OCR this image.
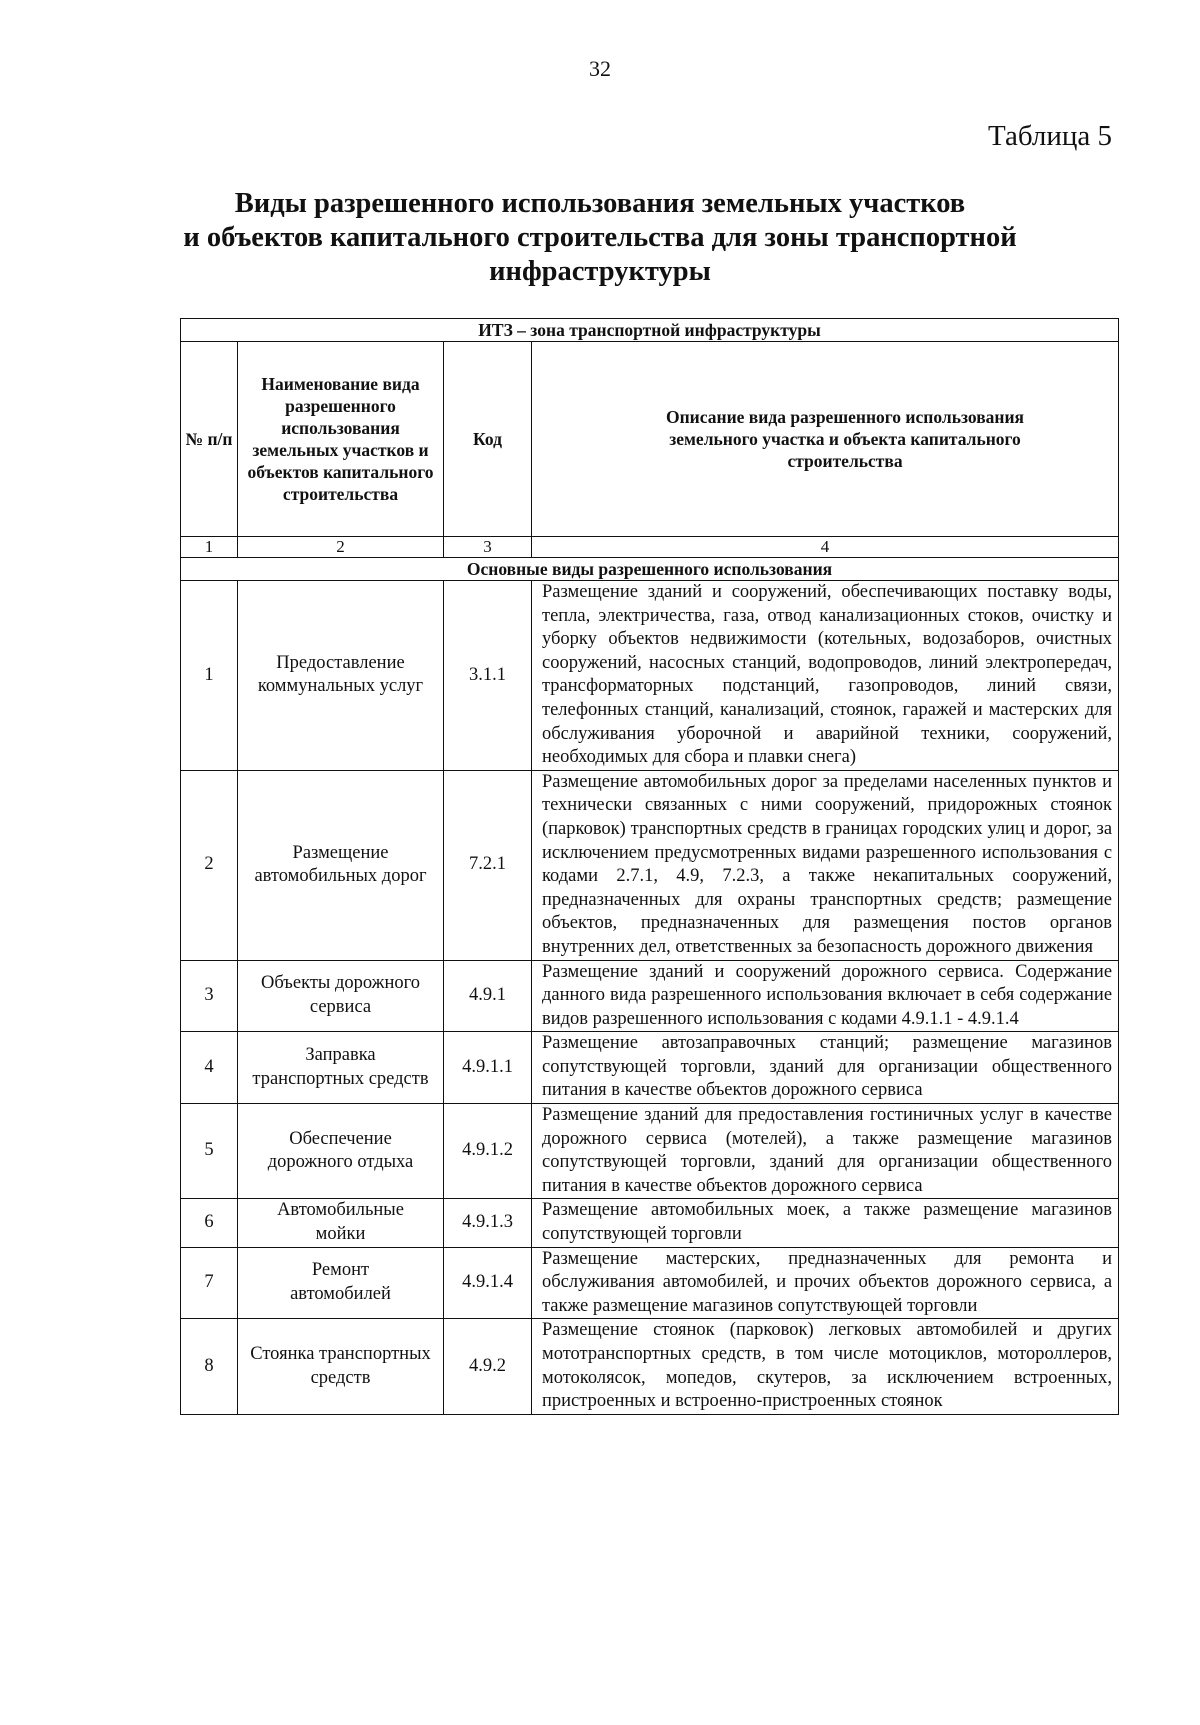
32
Таблица 5
Виды разрешенного использования земельных участков
и объектов капитального строительства для зоны транспортной
инфраструктуры
ИТЗ – зона транспортной инфраструктуры			
№ п/п	Наименование вида разрешенного использования земельных участков и объектов капитального строительства	Код	Описание вида разрешенного использования земельного участка и объекта капитального строительства
1	2	3	4
Основные виды разрешенного использования			
1	Предоставление коммунальных услуг	3.1.1	Размещение зданий и сооружений, обеспечивающих поставку воды, тепла, электричества, газа, отвод канализационных стоков, очистку и уборку объектов недвижимости (котельных, водозаборов, очистных сооружений, насосных станций, водопроводов, линий электропередач, трансформаторных подстанций, газопроводов, линий связи, телефонных станций, канализаций, стоянок, гаражей и мастерских для обслуживания уборочной и аварийной техники, сооружений, необходимых для сбора и плавки снега)
2	Размещение автомобильных дорог	7.2.1	Размещение автомобильных дорог за пределами населенных пунктов и технически связанных с ними сооружений, придорожных стоянок (парковок) транспортных средств в границах городских улиц и дорог, за исключением предусмотренных видами разрешенного использования с кодами 2.7.1, 4.9, 7.2.3, а также некапитальных сооружений, предназначенных для охраны транспортных средств; размещение объектов, предназначенных для размещения постов органов внутренних дел, ответственных за безопасность дорожного движения
3	Объекты дорожного сервиса	4.9.1	Размещение зданий и сооружений дорожного сервиса. Содержание данного вида разрешенного использования включает в себя содержание видов разрешенного использования с кодами 4.9.1.1 - 4.9.1.4
4	Заправка транспортных средств	4.9.1.1	Размещение автозаправочных станций; размещение магазинов сопутствующей торговли, зданий для организации общественного питания в качестве объектов дорожного сервиса
5	Обеспечение дорожного отдыха	4.9.1.2	Размещение зданий для предоставления гостиничных услуг в качестве дорожного сервиса (мотелей), а также размещение магазинов сопутствующей торговли, зданий для организации общественного питания в качестве объектов дорожного сервиса
6	Автомобильные мойки	4.9.1.3	Размещение автомобильных моек, а также размещение магазинов сопутствующей торговли
7	Ремонт автомобилей	4.9.1.4	Размещение мастерских, предназначенных для ремонта и обслуживания автомобилей, и прочих объектов дорожного сервиса, а также размещение магазинов сопутствующей торговли
8	Стоянка транспортных средств	4.9.2	Размещение стоянок (парковок) легковых автомобилей и других мототранспортных средств, в том числе мотоциклов, мотороллеров, мотоколясок, мопедов, скутеров, за исключением встроенных, пристроенных и встроенно-пристроенных стоянок
